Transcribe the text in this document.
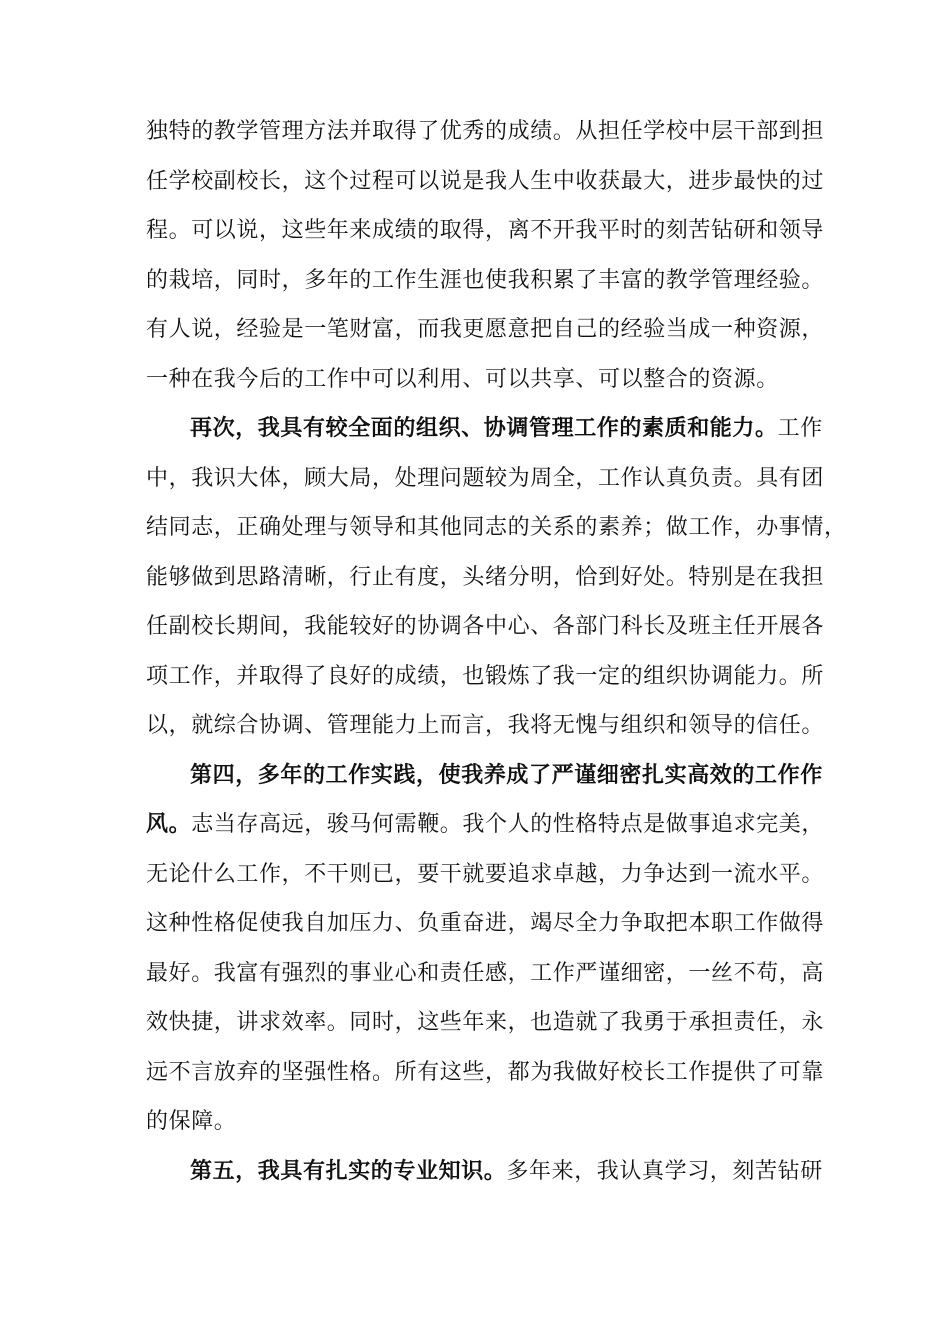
独特的教学管理方法并取得了优秀的成绩。从担任学校中层干部到担
任学校副校长，这个过程可以说是我人生中收获最大，进步最快的过
程。可以说，这些年来成绩的取得，离不开我平时的刻苦钻研和领导
的栽培，同时，多年的工作生涯也使我积累了丰富的教学管理经验。
有人说，经验是一笔财富，而我更愿意把自己的经验当成一种资源，
一种在我今后的工作中可以利用、可以共享、可以整合的资源。
再次，我具有较全面的组织、协调管理工作的素质和能力。工作
中，我识大体，顾大局，处理问题较为周全，工作认真负责。具有团
结同志，正确处理与领导和其他同志的关系的素养；做工作，办事情，
能够做到思路清晰，行止有度，头绪分明，恰到好处。特别是在我担
任副校长期间，我能较好的协调各中心、各部门科长及班主任开展各
项工作，并取得了良好的成绩，也锻炼了我一定的组织协调能力。所
以，就综合协调、管理能力上而言，我将无愧与组织和领导的信任。
第四，多年的工作实践，使我养成了严谨细密扎实高效的工作作
风。志当存高远，骏马何需鞭。我个人的性格特点是做事追求完美，
无论什么工作，不干则已，要干就要追求卓越，力争达到一流水平。
这种性格促使我自加压力、负重奋进，竭尽全力争取把本职工作做得
最好。我富有强烈的事业心和责任感，工作严谨细密，一丝不苟，高
效快捷，讲求效率。同时，这些年来，也造就了我勇于承担责任，永
远不言放弃的坚强性格。所有这些，都为我做好校长工作提供了可靠
的保障。
第五，我具有扎实的专业知识。多年来，我认真学习，刻苦钻研
